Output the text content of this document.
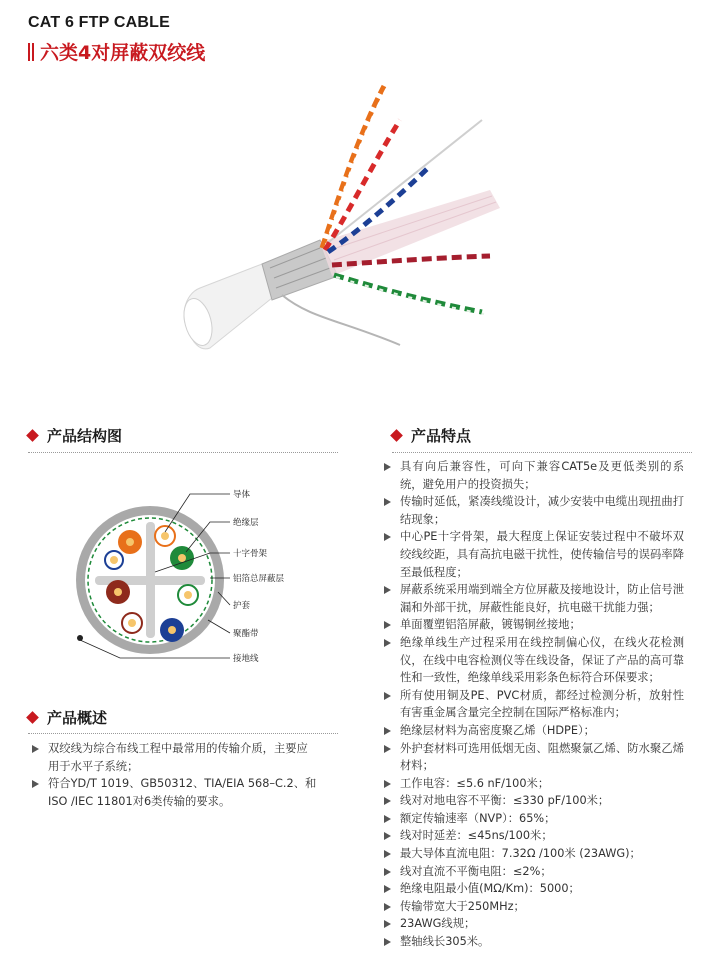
CAT 6 FTP CABLE
六类4对屏蔽双绞线
产品结构图
导体
绝缘层
十字骨架
铝箔总屏蔽层
护套
聚酯带
接地线
产品概述
双绞线为综合布线工程中最常用的传输介质，主要应用于水平子系统；
符合YD/T 1019、GB50312、TIA/EIA 568–C.2、和ISO /IEC 11801对6类传输的要求。
产品特点
具有向后兼容性，可向下兼容CAT5e及更低类别的系统，避免用户的投资损失；
传输时延低，紧凑线缆设计，减少安装中电缆出现扭曲打结现象；
中心PE十字骨架，最大程度上保证安装过程中不破坏双绞线绞距，具有高抗电磁干扰性，使传输信号的误码率降至最低程度；
屏蔽系统采用端到端全方位屏蔽及接地设计，防止信号泄漏和外部干扰，屏蔽性能良好，抗电磁干扰能力强；
单面覆塑铝箔屏蔽，镀锡铜丝接地；
绝缘单线生产过程采用在线控制偏心仪，在线火花检测仪，在线中电容检测仪等在线设备，保证了产品的高可靠性和一致性，绝缘单线采用彩条色标符合环保要求；
所有使用铜及PE、PVC材质，都经过检测分析，放射性有害重金属含量完全控制在国际严格标准内；
绝缘层材料为高密度聚乙烯（HDPE）；
外护套材料可选用低烟无卤、阻燃聚氯乙烯、防水聚乙烯材料；
工作电容：≤5.6 nF/100米；
线对对地电容不平衡：≤330 pF/100米；
额定传输速率（NVP）：65%；
线对时延差：≤45ns/100米；
最大导体直流电阻：7.32Ω /100米 (23AWG)；
线对直流不平衡电阻：≤2%；
绝缘电阻最小值(MΩ/Km)：5000；
传输带宽大于250MHz；
23AWG线规；
整轴线长305米。
